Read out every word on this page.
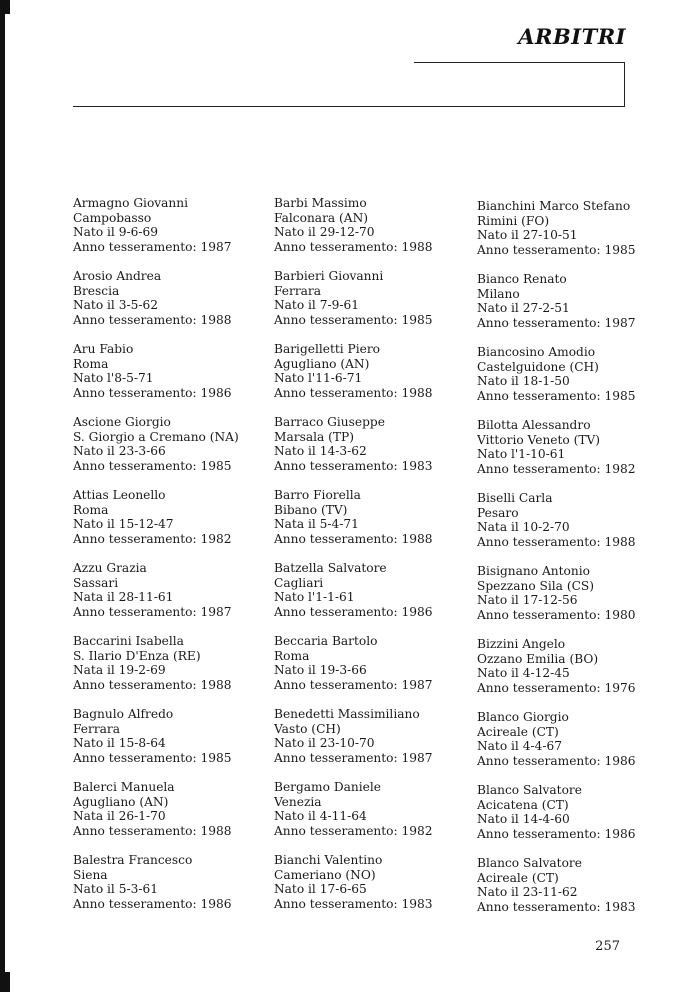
ARBITRI
Armagno Giovanni
Campobasso
Nato il 9-6-69
Anno tesseramento: 1987
Arosio Andrea
Brescia
Nato il 3-5-62
Anno tesseramento: 1988
Aru Fabio
Roma
Nato l'8-5-71
Anno tesseramento: 1986
Ascione Giorgio
S. Giorgio a Cremano (NA)
Nato il 23-3-66
Anno tesseramento: 1985
Attias Leonello
Roma
Nato il 15-12-47
Anno tesseramento: 1982
Azzu Grazia
Sassari
Nata il 28-11-61
Anno tesseramento: 1987
Baccarini Isabella
S. Ilario D'Enza (RE)
Nata il 19-2-69
Anno tesseramento: 1988
Bagnulo Alfredo
Ferrara
Nato il 15-8-64
Anno tesseramento: 1985
Balerci Manuela
Agugliano (AN)
Nata il 26-1-70
Anno tesseramento: 1988
Balestra Francesco
Siena
Nato il 5-3-61
Anno tesseramento: 1986
Barbi Massimo
Falconara (AN)
Nato il 29-12-70
Anno tesseramento: 1988
Barbieri Giovanni
Ferrara
Nato il 7-9-61
Anno tesseramento: 1985
Barigelletti Piero
Agugliano (AN)
Nato l'11-6-71
Anno tesseramento: 1988
Barraco Giuseppe
Marsala (TP)
Nato il 14-3-62
Anno tesseramento: 1983
Barro Fiorella
Bibano (TV)
Nata il 5-4-71
Anno tesseramento: 1988
Batzella Salvatore
Cagliari
Nato l'1-1-61
Anno tesseramento: 1986
Beccaria Bartolo
Roma
Nato il 19-3-66
Anno tesseramento: 1987
Benedetti Massimiliano
Vasto (CH)
Nato il 23-10-70
Anno tesseramento: 1987
Bergamo Daniele
Venezia
Nato il 4-11-64
Anno tesseramento: 1982
Bianchi Valentino
Cameriano (NO)
Nato il 17-6-65
Anno tesseramento: 1983
Bianchini Marco Stefano
Rimini (FO)
Nato il 27-10-51
Anno tesseramento: 1985
Bianco Renato
Milano
Nato il 27-2-51
Anno tesseramento: 1987
Biancosino Amodio
Castelguidone (CH)
Nato il 18-1-50
Anno tesseramento: 1985
Bilotta Alessandro
Vittorio Veneto (TV)
Nato l'1-10-61
Anno tesseramento: 1982
Biselli Carla
Pesaro
Nata il 10-2-70
Anno tesseramento: 1988
Bisignano Antonio
Spezzano Sila (CS)
Nato il 17-12-56
Anno tesseramento: 1980
Bizzini Angelo
Ozzano Emilia (BO)
Nato il 4-12-45
Anno tesseramento: 1976
Blanco Giorgio
Acireale (CT)
Nato il 4-4-67
Anno tesseramento: 1986
Blanco Salvatore
Acicatena (CT)
Nato il 14-4-60
Anno tesseramento: 1986
Blanco Salvatore
Acireale (CT)
Nato il 23-11-62
Anno tesseramento: 1983
257
